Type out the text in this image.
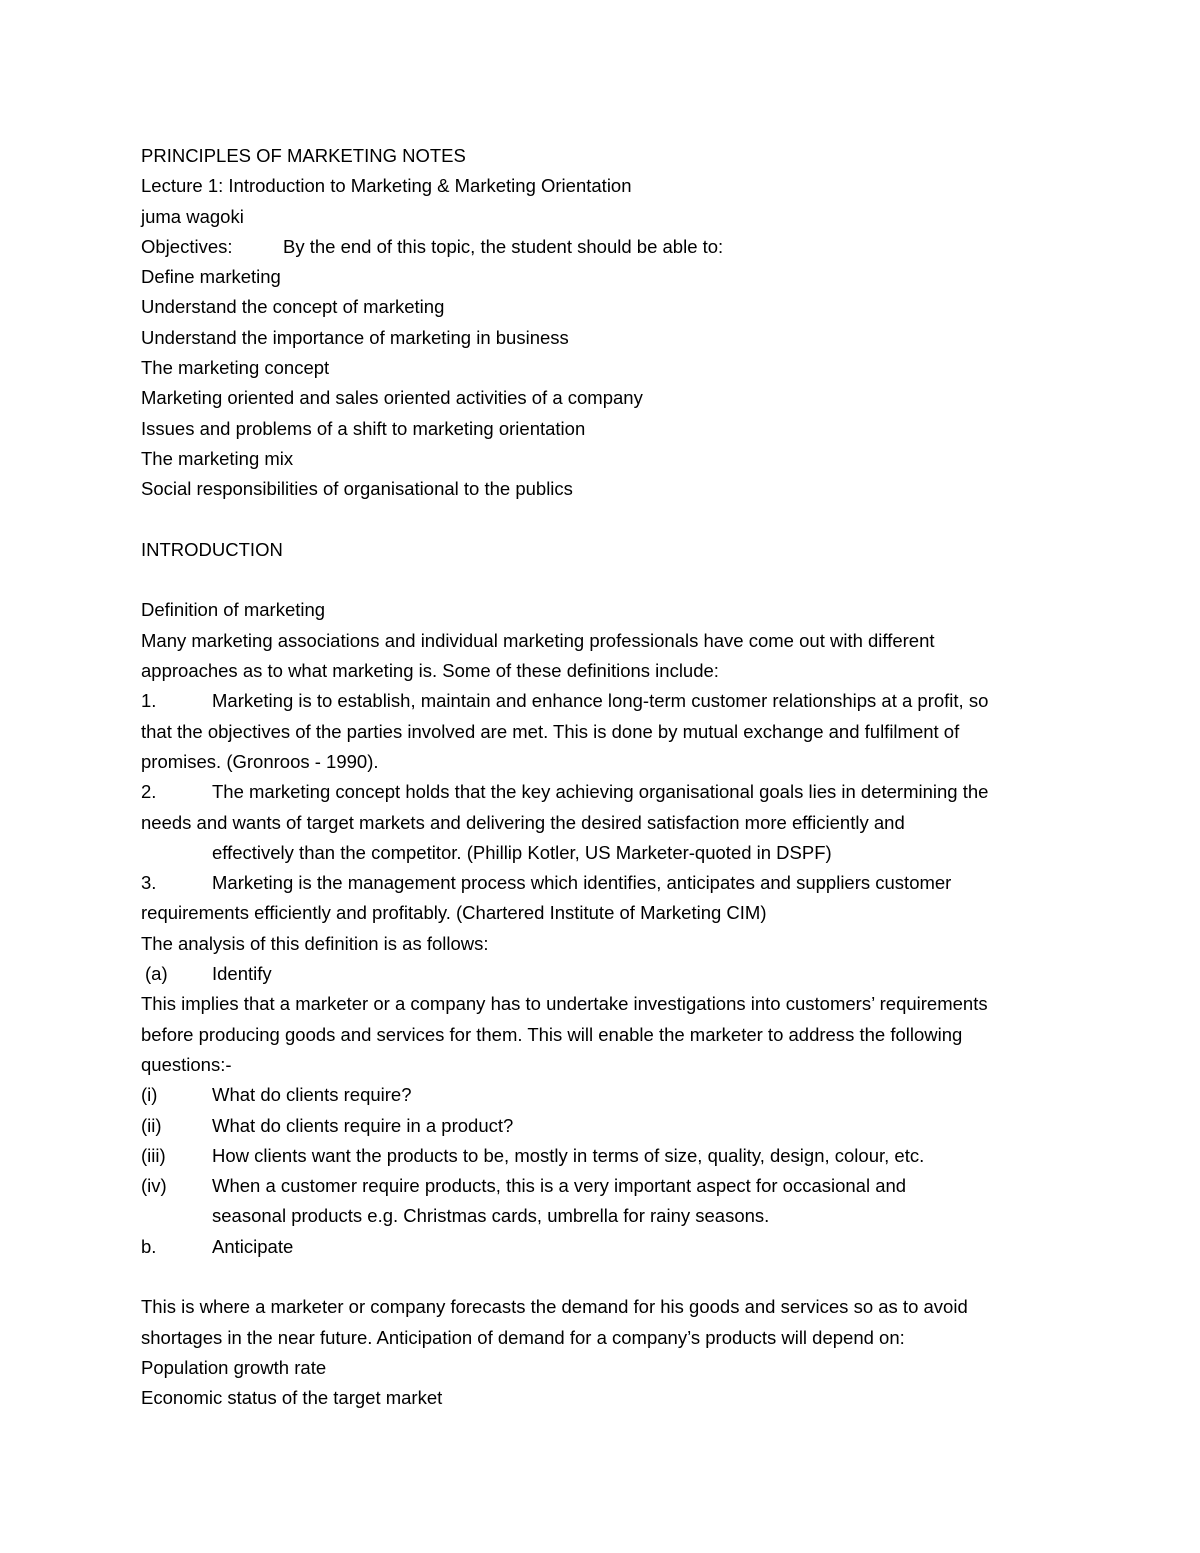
PRINCIPLES OF MARKETING NOTES
Lecture 1: Introduction to Marketing & Marketing Orientation
juma wagoki
Objectives:	By the end of this topic, the student should be able to:
Define marketing
Understand the concept of marketing
Understand the importance of marketing in business
The marketing concept
Marketing oriented and sales oriented activities of a company
Issues and problems of a shift to marketing orientation
The marketing mix
Social responsibilities of organisational to the publics
INTRODUCTION
Definition of marketing
Many marketing associations and individual marketing professionals have come out with different
approaches as to what marketing is. Some of these definitions include:
1.	Marketing is to establish, maintain and enhance long-term customer relationships at a profit, so
that the objectives of the parties involved are met. This is done by mutual exchange and fulfilment of
promises. (Gronroos - 1990).
2.	The marketing concept holds that the key achieving organisational goals lies in determining the
needs and wants of target markets and delivering the desired satisfaction more efficiently and
effectively than the competitor. (Phillip Kotler, US Marketer-quoted in DSPF)
3.	Marketing is the management process which identifies, anticipates and suppliers customer
requirements efficiently and profitably. (Chartered Institute of Marketing CIM)
The analysis of this definition is as follows:
(a) Identify
This implies that a marketer or a company has to undertake investigations into customers’ requirements
before producing goods and services for them. This will enable the marketer to address the following
questions:-
(i)	What do clients require?
(ii)	What do clients require in a product?
(iii)	How clients want the products to be, mostly in terms of size, quality, design, colour, etc.
(iv) When a customer require products, this is a very important aspect for occasional and
seasonal products e.g. Christmas cards, umbrella for rainy seasons.
b.	Anticipate
This is where a marketer or company forecasts the demand for his goods and services so as to avoid
shortages in the near future. Anticipation of demand for a company’s products will depend on:
Population growth rate
Economic status of the target market
